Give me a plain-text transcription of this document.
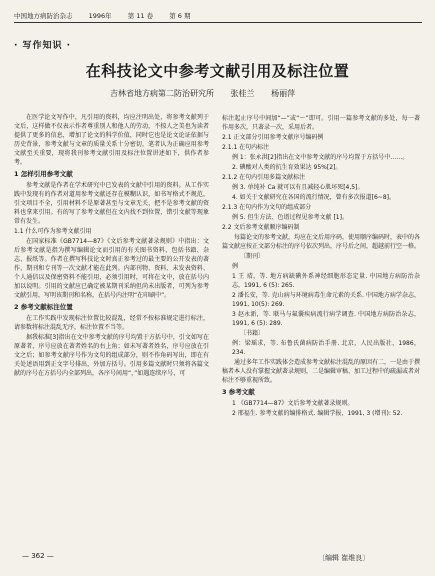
中国地方病防治杂志 1996年 第 11 卷 第 6 期
· 写作知识 ·
在科技论文中参考文献引用及标注位置
吉林省地方病第二防治研究所 张桂兰 杨丽萍

在医学论文写作中，凡引用的资料，均应注明出处，将参考文献列于文后，这样做不仅表示作者尊重别人和他人的劳动，不掠人之美也为读者提供了更多的信息，增加了论文的科学价值，同时它也是论文论证依据与历史背景，参考文献与文章的质量关系十分密切，笔者认为正确应用参考文献至关重要，现将我刊参考文献引用及标注位置讲述如下，供作者参考。

1 怎样引用参考文献

参考文献是作者在学术研究中已发表的文献中引用的资料。从工作实践中发现有的作者对道用参考文献还存在模糊认识，如书写格式不规范，引文项目不全，引用材料不是原著甚至与文章无关，把不是参考文献的资料也拿来引用。有的写了参考文献但在文内找不到位置，错引文献等现象常有发生。

1.1 什么可作为参考文献引用

在国家标准《GB7714—87》《文后参考文献著录规则》中指出：文后参考文献是指为撰写编辑论文而引用的有关图书资料，包括书籍、杂志、报纸等。作者在撰写科技论文时真正参考过的最主要的公开发表的著作、期刊和专刊等一次文献才能在此列。内部刊物、资料、未发表资料、个人通信以及保密资料不能引用，必须引用时，可将在文中，放在括号内加以说明。引用的文献应已确定被某期刊采纳但尚未出版者，可列为参考文献引用，写明该期刊和名称，在括号内注明“在印刷中”。

2 参考文献标注位置

在工作实践中发现标注位置比较混乱，经常不按标准规定进行标注，请参数将标注混乱无序，标注位置不当等。

据我标准[3]指出在文中参考文献的序号均置于方括号中，引文如写在原著者，序号应放在著者姓名的右上角；如未写著者姓名，序号应放在引文之后；如参考文献序号作为文句的组成部分，则不作角码写出，即在有关处述语用到正文字号排出，外加方括号。引用多篇文献时只须将各篇文献的序号在方括号内全部列出，各序号间用“，”如遇连续序号，可

标注起止序号中间加“—”或“～”即可。引用一篇参考文献的多处，每一著作用多次，只著录一次，采用后者。

2.1 正文部分引用参考文献序号编码例

2.1.1 在句内标注

例 1：张永洪[2]指出在文中参考文献的序号均置于方括号中……。

2. 碘酸对人类的抗生育效果达 95%[2]。

2.1.2 在句内引用多篇文献标注

例 3. 单纯补 Ca 就可以有且减轻心肌坏死[4,5]。

4. 如关于文献研究在各国的流行情况，曾有多次报道[6~8]。

2.1.3 在句内作为文句的组成部分

例 5. 但生方法、色谱过程见参考文献 [1]。

2.2 文后参考文献顺序编码制

每篇论文的参考文献，均应在文后用序码，使用顺序编码时，表中的各篇文献应按正文部分标注的序号依次列出，序号后之间，超越前行空一格。

〔期刊〕

例

1 王 靖，等. 地方病缺碘外系神经细胞形态定量. 中国地方病防治杂志，1991, 6 (5): 265.

2 潘长安，等. 克山病与环境病毒生命元素的关系. 中国地方病学杂志，1991, 10(5): 269.

3 赵永新，等. 联马与氟囊疾病流行病学调查. 中国地方病防治杂志，1991, 6 (5): 289.

〔书籍〕

例：梁瑶求，等. 布鲁氏菌病防治手册. 北京，人民出版社，1986，234.

通过多年工作实践体会造成参考文献标注混乱的原因有二，一是由于撰稿者本人没有掌握文献著录规则，二是编辑审稿、加工过程中的疏漏或者对标注不够重视所致。

3 参考文献

1 《GB7714—87》文后参考文献著录规则。

2 邢福生. 参考文献的编排格式. 编辑学报，1991, 3 (增刊): 52.

— 362 —	〔编辑 崔维良〕
